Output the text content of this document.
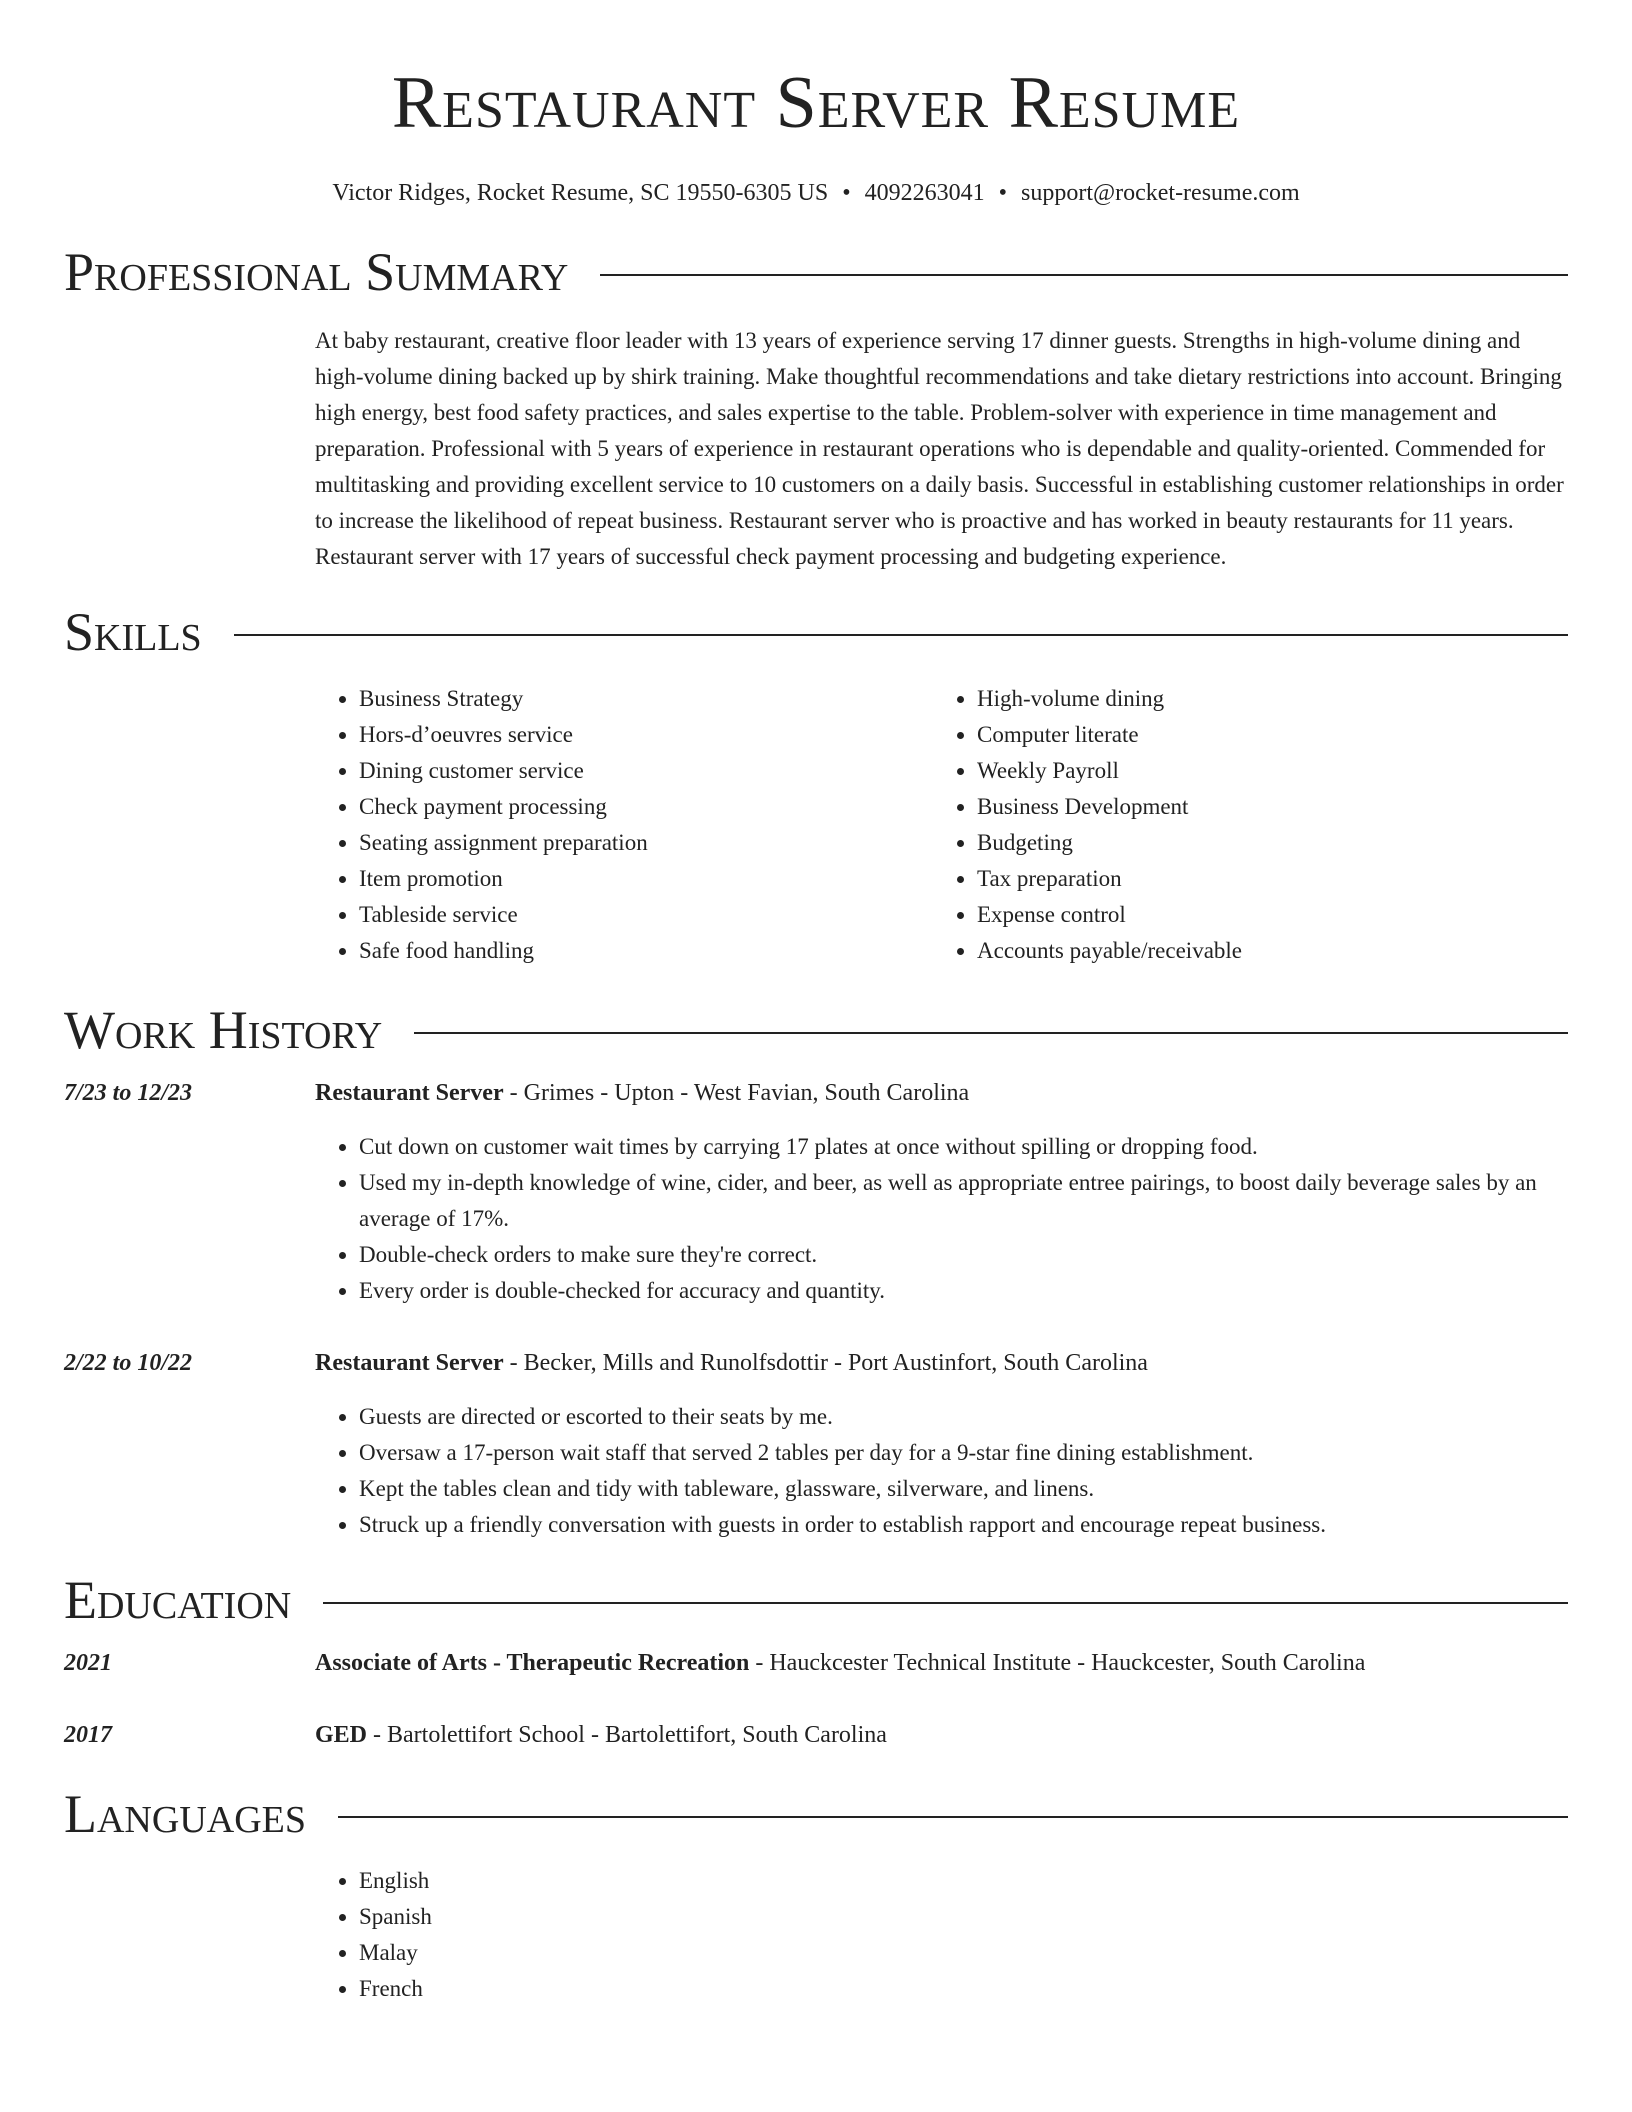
Restaurant Server Resume
Victor Ridges, Rocket Resume, SC 19550-6305 US • 4092263041 • support@rocket-resume.com
Professional Summary
At baby restaurant, creative floor leader with 13 years of experience serving 17 dinner guests. Strengths in high-volume dining and high-volume dining backed up by shirk training. Make thoughtful recommendations and take dietary restrictions into account. Bringing high energy, best food safety practices, and sales expertise to the table. Problem-solver with experience in time management and preparation. Professional with 5 years of experience in restaurant operations who is dependable and quality-oriented. Commended for multitasking and providing excellent service to 10 customers on a daily basis. Successful in establishing customer relationships in order to increase the likelihood of repeat business. Restaurant server who is proactive and has worked in beauty restaurants for 11 years. Restaurant server with 17 years of successful check payment processing and budgeting experience.
Skills
• Business Strategy
• Hors-d’oeuvres service
• Dining customer service
• Check payment processing
• Seating assignment preparation
• Item promotion
• Tableside service
• Safe food handling
• High-volume dining
• Computer literate
• Weekly Payroll
• Business Development
• Budgeting
• Tax preparation
• Expense control
• Accounts payable/receivable
Work History
7/23 to 12/23	Restaurant Server - Grimes - Upton - West Favian, South Carolina
• Cut down on customer wait times by carrying 17 plates at once without spilling or dropping food.
• Used my in-depth knowledge of wine, cider, and beer, as well as appropriate entree pairings, to boost daily beverage sales by an average of 17%.
• Double-check orders to make sure they're correct.
• Every order is double-checked for accuracy and quantity.
2/22 to 10/22	Restaurant Server - Becker, Mills and Runolfsdottir - Port Austinfort, South Carolina
• Guests are directed or escorted to their seats by me.
• Oversaw a 17-person wait staff that served 2 tables per day for a 9-star fine dining establishment.
• Kept the tables clean and tidy with tableware, glassware, silverware, and linens.
• Struck up a friendly conversation with guests in order to establish rapport and encourage repeat business.
Education
2021	Associate of Arts - Therapeutic Recreation - Hauckcester Technical Institute - Hauckcester, South Carolina
2017	GED - Bartolettifort School - Bartolettifort, South Carolina
Languages
• English
• Spanish
• Malay
• French
